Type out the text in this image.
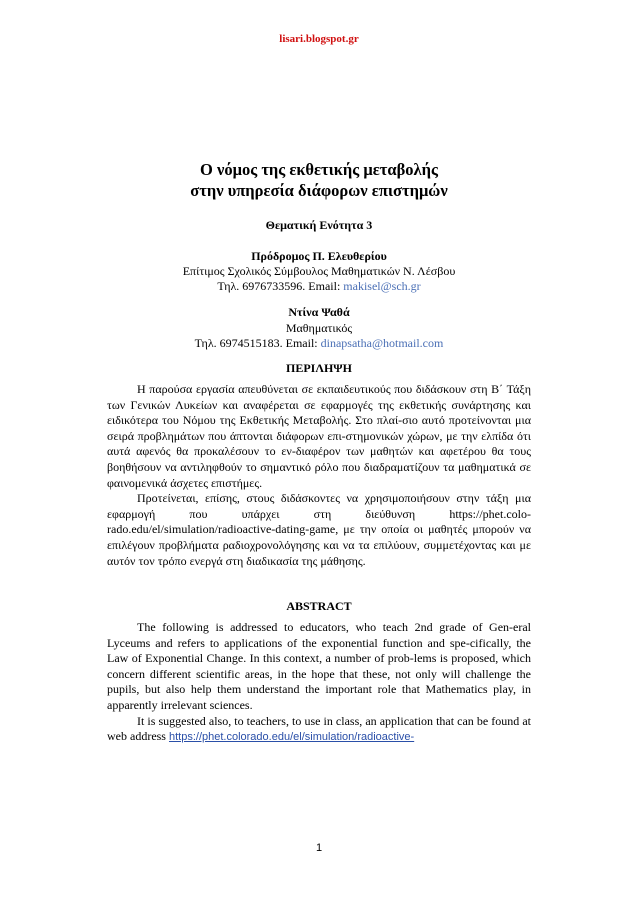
lisari.blogspot.gr
Ο νόμος της εκθετικής μεταβολής
στην υπηρεσία διάφορων επιστημών
Θεματική Ενότητα 3
Πρόδρομος Π. Ελευθερίου
Επίτιμος Σχολικός Σύμβουλος Μαθηματικών Ν. Λέσβου
Τηλ. 6976733596. Email: makisel@sch.gr
Ντίνα Ψαθά
Μαθηματικός
Τηλ. 6974515183. Email: dinapsatha@hotmail.com
ΠΕΡΙΛΗΨΗ

Η παρούσα εργασία απευθύνεται σε εκπαιδευτικούς που διδάσκουν στη Β΄ Τάξη των Γενικών Λυκείων και αναφέρεται σε εφαρμογές της εκθετικής συνάρτησης και ειδικότερα του Νόμου της Εκθετικής Μεταβολής. Στο πλαί-σιο αυτό προτείνονται μια σειρά προβλημάτων που άπτονται διάφορων επι-στημονικών χώρων, με την ελπίδα ότι αυτά αφενός θα προκαλέσουν το εν-διαφέρον των μαθητών και αφετέρου θα τους βοηθήσουν να αντιληφθούν το σημαντικό ρόλο που διαδραματίζουν τα μαθηματικά σε φαινομενικά άσχετες επιστήμες.

Προτείνεται, επίσης, στους διδάσκοντες να χρησιμοποιήσουν στην τάξη μια εφαρμογή που υπάρχει στη διεύθυνση https://phet.colo-rado.edu/el/simulation/radioactive-dating-game, με την οποία οι μαθητές μπορούν να επιλέγουν προβλήματα ραδιοχρονολόγησης και να τα επιλύουν, συμμετέχοντας και με αυτόν τον τρόπο ενεργά στη διαδικασία της μάθησης.

ABSTRACT

The following is addressed to educators, who teach 2nd grade of Gen-eral Lyceums and refers to applications of the exponential function and spe-cifically, the Law of Exponential Change. In this context, a number of prob-lems is proposed, which concern different scientific areas, in the hope that these, not only will challenge the pupils, but also help them understand the important role that Mathematics play, in apparently irrelevant sciences.

It is suggested also, to teachers, to use in class, an application that can be found at web address https://phet.colorado.edu/el/simulation/radioactive-

1
